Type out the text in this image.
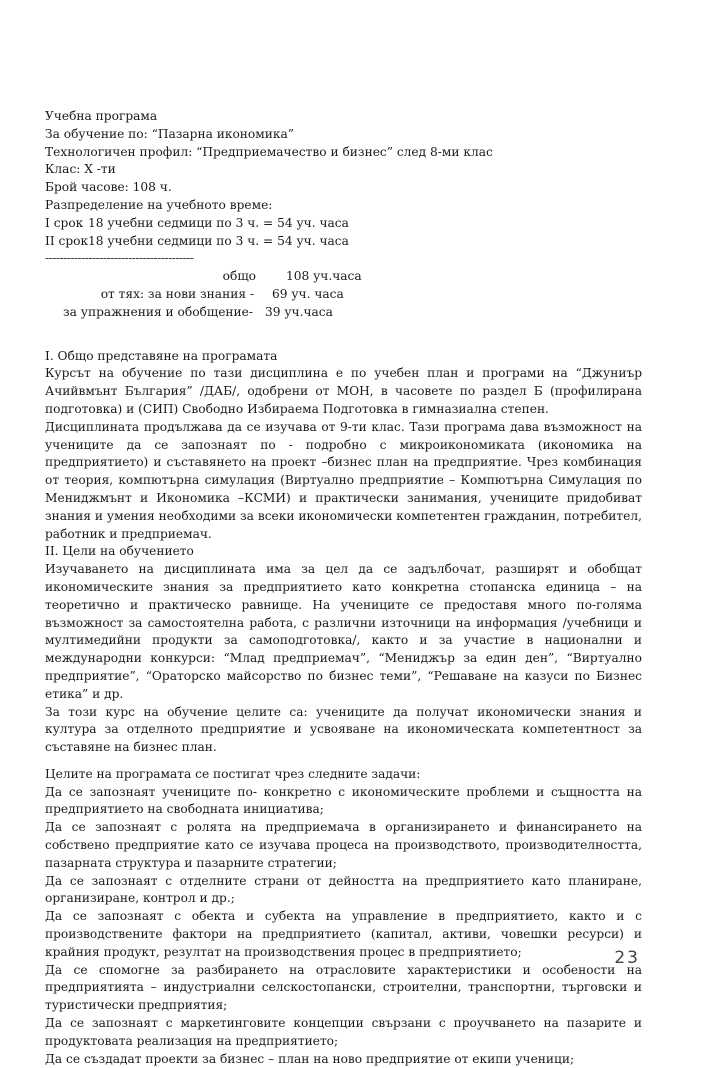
Учебна програма
За обучение по: “Пазарна икономика”
Технологичен профил: “Предприемачество и бизнес” след 8-ми клас
Клас: Х -ти
Брой часове: 108 ч.
Разпределение на учебното време:
I срок 18 учебни седмици по 3 ч. = 54 уч. часа
II срок 18 учебни седмици по 3 ч. = 54 уч. часа
-----------------------------------------
общо	108 уч.часа
от тях: за нови знания -	69 уч. часа
за упражнения и обобщение- 39 уч.часа
I. Общо представяне на програмата

Курсът на обучение по тази дисциплина е по учебен план и програми на “Джуниър Ачийвмънт България” /ДАБ/, одобрени от МОН, в часовете по раздел Б (профилирана подготовка) и (СИП) Свободно Избираема Подготовка в гимназиална степен.

Дисциплината продължава да се изучава от 9-ти клас. Тази програма дава възможност на учениците да се запознаят по - подробно с микроикономиката (икономика на предприятието) и съставянето на проект –бизнес план на предприятие. Чрез комбинация от теория, компютърна симулация (Виртуално предприятие – Компютърна Симулация по Мениджмънт и Икономика –КСМИ) и практически занимания, учениците придобиват знания и умения необходими за всеки икономически компетентен гражданин, потребител, работник и предприемач.

II. Цели на обучението

Изучаването на дисциплината има за цел да се задълбочат, разширят и обобщат икономическите знания за предприятието като конкретна стопанска единица – на теоретично и практическо равнище. На учениците се предоставя много по-голяма възможност за самостоятелна работа, с различни източници на информация /учебници и мултимедийни продукти за самоподготовка/, както и за участие в национални и международни конкурси: “Млад предприемач”, “Мениджър за един ден”, “Виртуално предприятие”, “Ораторско майсорство по бизнес теми”, “Решаване на казуси по Бизнес етика” и др.

За този курс на обучение целите са: учениците да получат икономически знания и култура за отделното предприятие и усвояване на икономическата компетентност за съставяне на бизнес план.

Целите на програмата се постигат чрез следните задачи:

Да се запознаят учениците по- конкретно с икономическите проблеми и същността на предприятието на свободната инициатива;

Да се запознаят с ролята на предприемача в организирането и финансирането на собствено предприятие като се изучава процеса на производството, производителността, пазарната структура и пазарните стратегии;

Да се запознаят с отделните страни от дейността на предприятието като планиране, организиране, контрол и др.;

Да се запознаят с обекта и субекта на управление в предприятието, както и с производствените фактори на предприятието (капитал, активи, човешки ресурси) и крайния продукт, резултат на производствения процес в предприятието;

Да се спомогне за разбирането на отрасловите характеристики и особености на предприятията – индустриални селскостопански, строителни, транспортни, търговски и туристически предприятия;

Да се запознаят с маркетинговите концепции свързани с проучването на пазарите и продуктовата реализация на предприятието;

Да се създадат проекти за бизнес – план на ново предприятие от екипи ученици;

23
